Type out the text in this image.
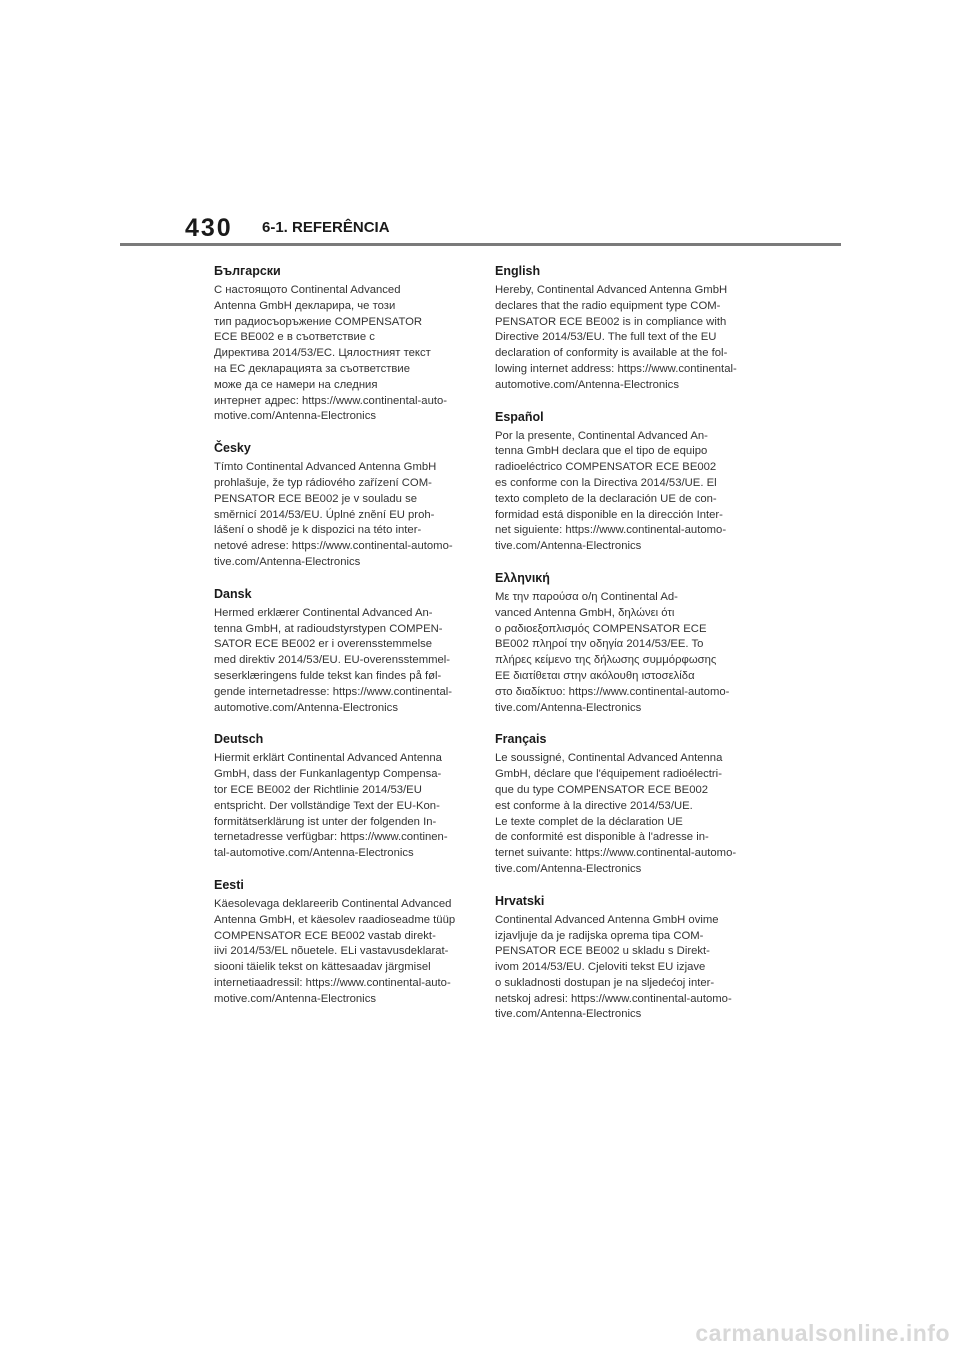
430 6-1. REFERÊNCIA
Български

С настоящото Continental Advanced
Antenna GmbH декларира, че този
тип радиосъоръжение COMPENSATOR
ECE BE002 е в съответствие с
Директива 2014/53/ЕС. Цялостният текст
на ЕС декларацията за съответствие
може да се намери на следния
интернет адрес: https://www.continental-auto-
motive.com/Antenna-Electronics

Česky

Tímto Continental Advanced Antenna GmbH
prohlašuje, že typ rádiového zařízení COM-
PENSATOR ECE BE002 je v souladu se
směrnicí 2014/53/EU. Úplné znění EU proh-
lášení o shodě je k dispozici na této inter-
netové adrese: https://www.continental-automo-
tive.com/Antenna-Electronics

Dansk

Hermed erklærer Continental Advanced An-
tenna GmbH, at radioudstyrstypen COMPEN-
SATOR ECE BE002 er i overensstemmelse
med direktiv 2014/53/EU. EU-overensstemmel-
seserklæringens fulde tekst kan findes på føl-
gende internetadresse: https://www.continental-
automotive.com/Antenna-Electronics

Deutsch

Hiermit erklärt Continental Advanced Antenna
GmbH, dass der Funkanlagentyp Compensa-
tor ECE BE002 der Richtlinie 2014/53/EU
entspricht. Der vollständige Text der EU-Kon-
formitätserklärung ist unter der folgenden In-
ternetadresse verfügbar: https://www.continen-
tal-automotive.com/Antenna-Electronics

Eesti

Käesolevaga deklareerib Continental Advanced
Antenna GmbH, et käesolev raadioseadme tüüp
COMPENSATOR ECE BE002 vastab direkt-
iivi 2014/53/EL nõuetele. ELi vastavusdeklarat-
siooni täielik tekst on kättesaadav järgmisel
internetiaadressil: https://www.continental-auto-
motive.com/Antenna-Electronics

English

Hereby, Continental Advanced Antenna GmbH
declares that the radio equipment type COM-
PENSATOR ECE BE002 is in compliance with
Directive 2014/53/EU. The full text of the EU
declaration of conformity is available at the fol-
lowing internet address: https://www.continental-
automotive.com/Antenna-Electronics

Español

Por la presente, Continental Advanced An-
tenna GmbH declara que el tipo de equipo
radioeléctrico COMPENSATOR ECE BE002
es conforme con la Directiva 2014/53/UE. El
texto completo de la declaración UE de con-
formidad está disponible en la dirección Inter-
net siguiente: https://www.continental-automo-
tive.com/Antenna-Electronics

Ελληνική

Με την παρούσα ο/η Continental Ad-
vanced Antenna GmbH, δηλώνει ότι
ο ραδιοεξοπλισμός COMPENSATOR ECE
BE002 πληροί την οδηγία 2014/53/ΕΕ. Το
πλήρες κείμενο της δήλωσης συμμόρφωσης
ΕΕ διατίθεται στην ακόλουθη ιστοσελίδα
στο διαδίκτυο: https://www.continental-automo-
tive.com/Antenna-Electronics

Français

Le soussigné, Continental Advanced Antenna
GmbH, déclare que l'équipement radioélectri-
que du type COMPENSATOR ECE BE002
est conforme à la directive 2014/53/UE.
Le texte complet de la déclaration UE
de conformité est disponible à l'adresse in-
ternet suivante: https://www.continental-automo-
tive.com/Antenna-Electronics

Hrvatski

Continental Advanced Antenna GmbH ovime
izjavljuje da je radijska oprema tipa COM-
PENSATOR ECE BE002 u skladu s Direkt-
ivom 2014/53/EU. Cjeloviti tekst EU izjave
o sukladnosti dostupan je na sljedećoj inter-
netskoj adresi: https://www.continental-automo-
tive.com/Antenna-Electronics

carmanualsonline.info
